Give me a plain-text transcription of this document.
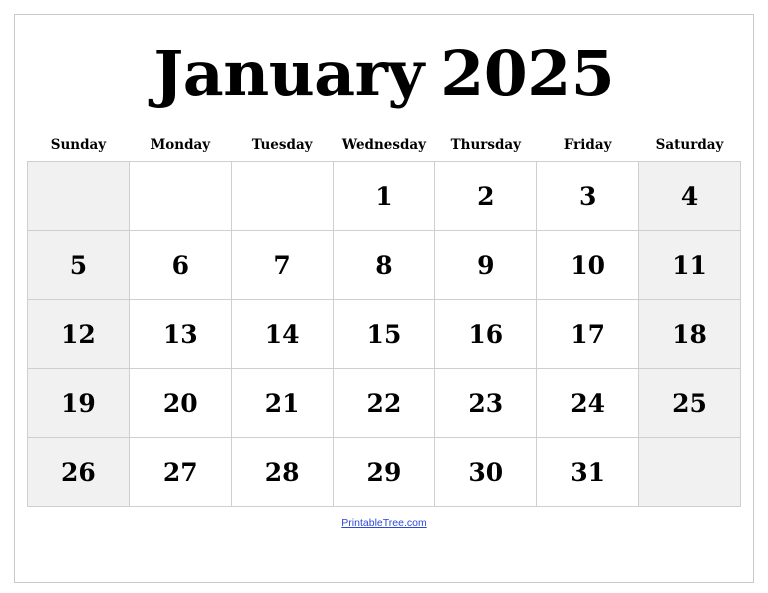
January
2025
Sunday	Monday	Tuesday	Wednesday	Thursday	Friday	Saturday
			1	2	3	4
5	6	7	8	9	10	11
12	13	14	15	16	17	18
19	20	21	22	23	24	25
26	27	28	29	30	31	
PrintableTree.com
